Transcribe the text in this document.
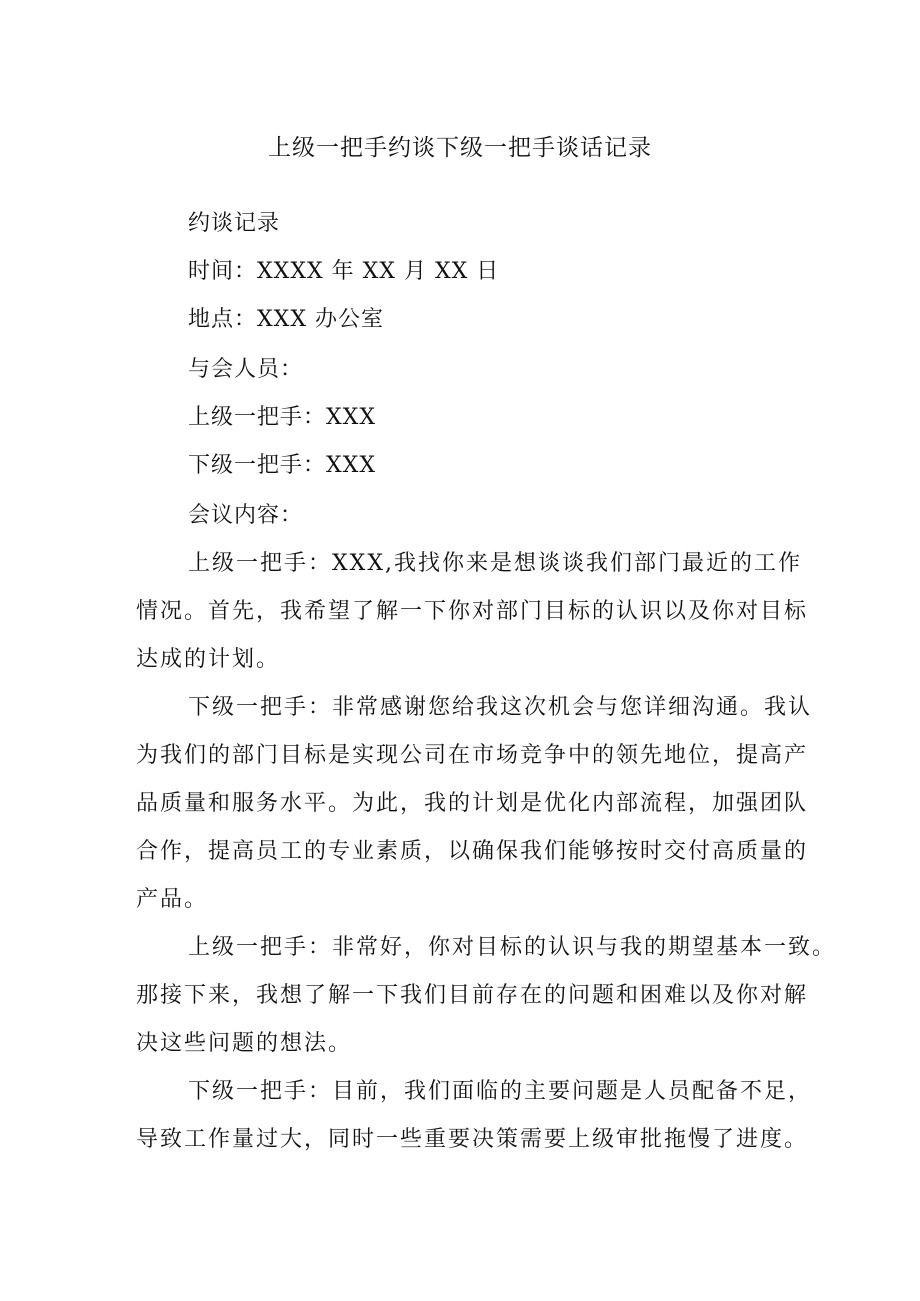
上级一把手约谈下级一把手谈话记录
约谈记录
时间：XXXX 年 XX 月 XX 日
地点：XXX 办公室
与会人员：
上级一把手：XXX
下级一把手：XXX
会议内容：
上级一把手：XXX,我找你来是想谈谈我们部门最近的工作
情况。首先，我希望了解一下你对部门目标的认识以及你对目标
达成的计划。
下级一把手：非常感谢您给我这次机会与您详细沟通。我认
为我们的部门目标是实现公司在市场竞争中的领先地位，提高产
品质量和服务水平。为此，我的计划是优化内部流程，加强团队
合作，提高员工的专业素质，以确保我们能够按时交付高质量的
产品。
上级一把手：非常好，你对目标的认识与我的期望基本一致。
那接下来，我想了解一下我们目前存在的问题和困难以及你对解
决这些问题的想法。
下级一把手：目前，我们面临的主要问题是人员配备不足，
导致工作量过大，同时一些重要决策需要上级审批拖慢了进度。
